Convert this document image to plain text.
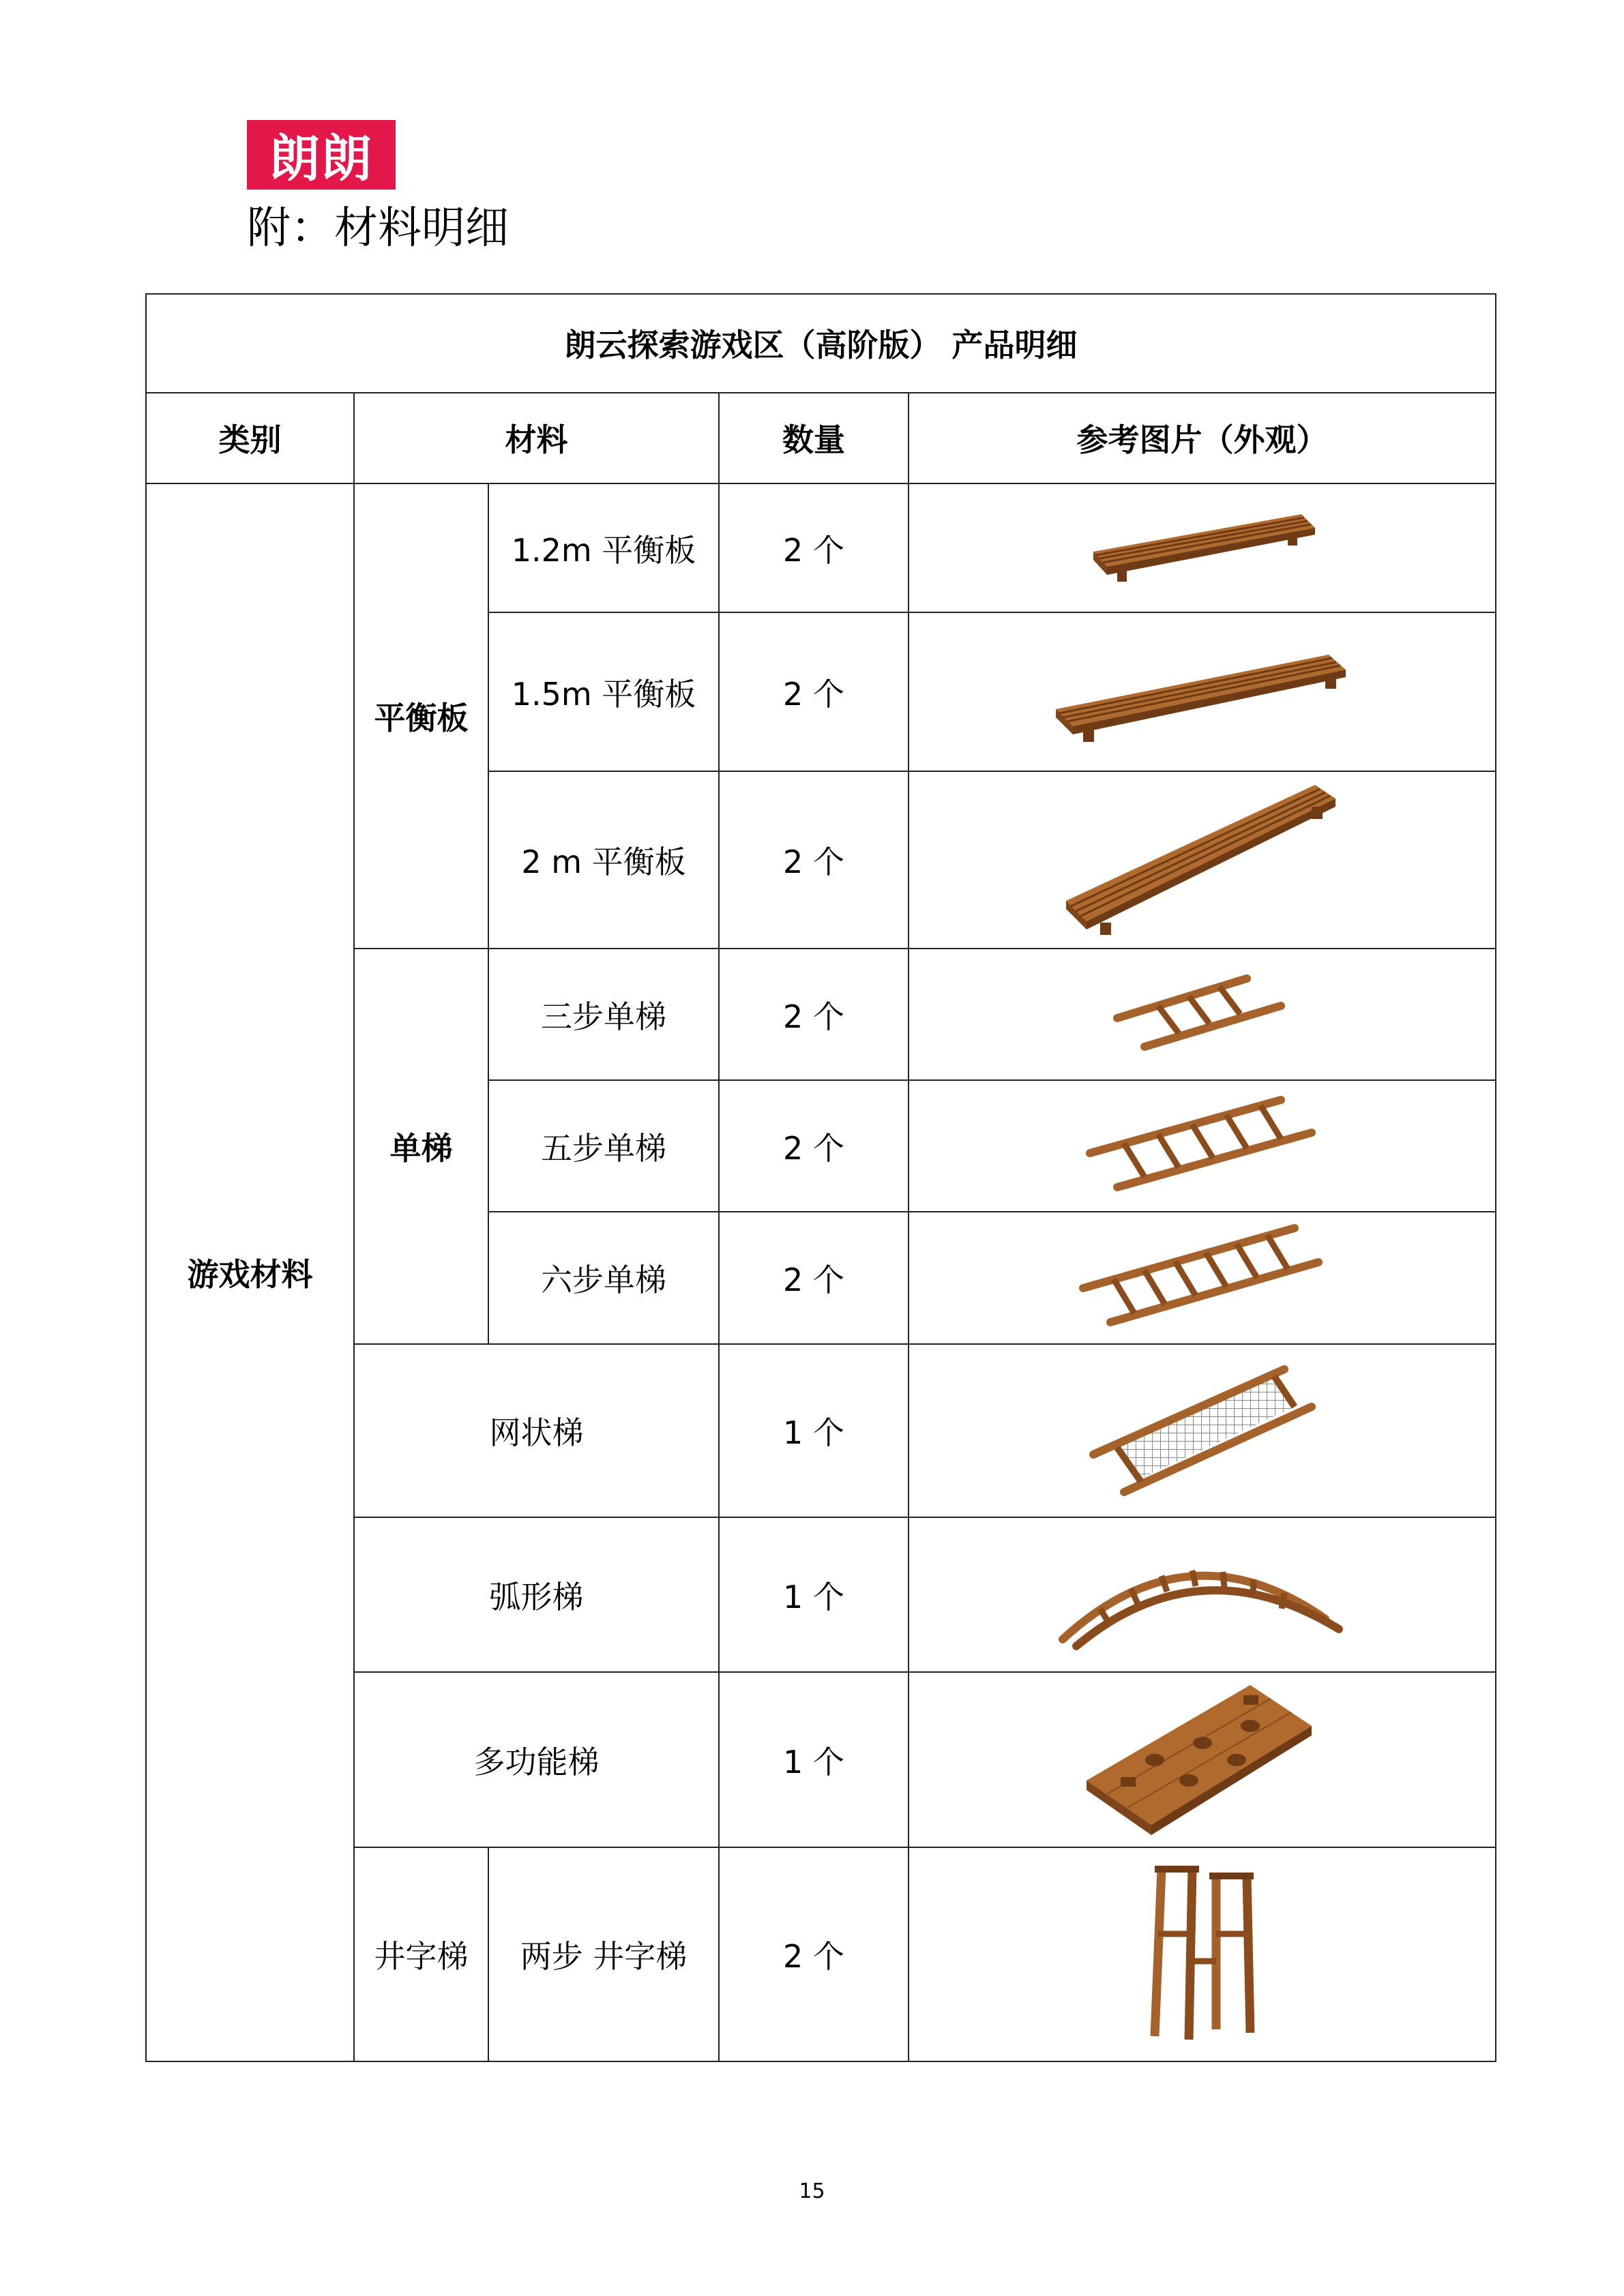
朗朗
附：材料明细
朗云探索游戏区（高阶版） 产品明细				
类别	材料		数量	参考图片（外观）
游戏材料	平衡板	1.2m 平衡板	2 个	

		1.5m 平衡板	2 个	

		2 m 平衡板	2 个	

	单梯	三步单梯	2 个	

		五步单梯	2 个	

		六步单梯	2 个	

	网状梯		1 个	

	弧形梯		1 个	

	多功能梯		1 个	

	井字梯	两步 井字梯	2 个	
15
